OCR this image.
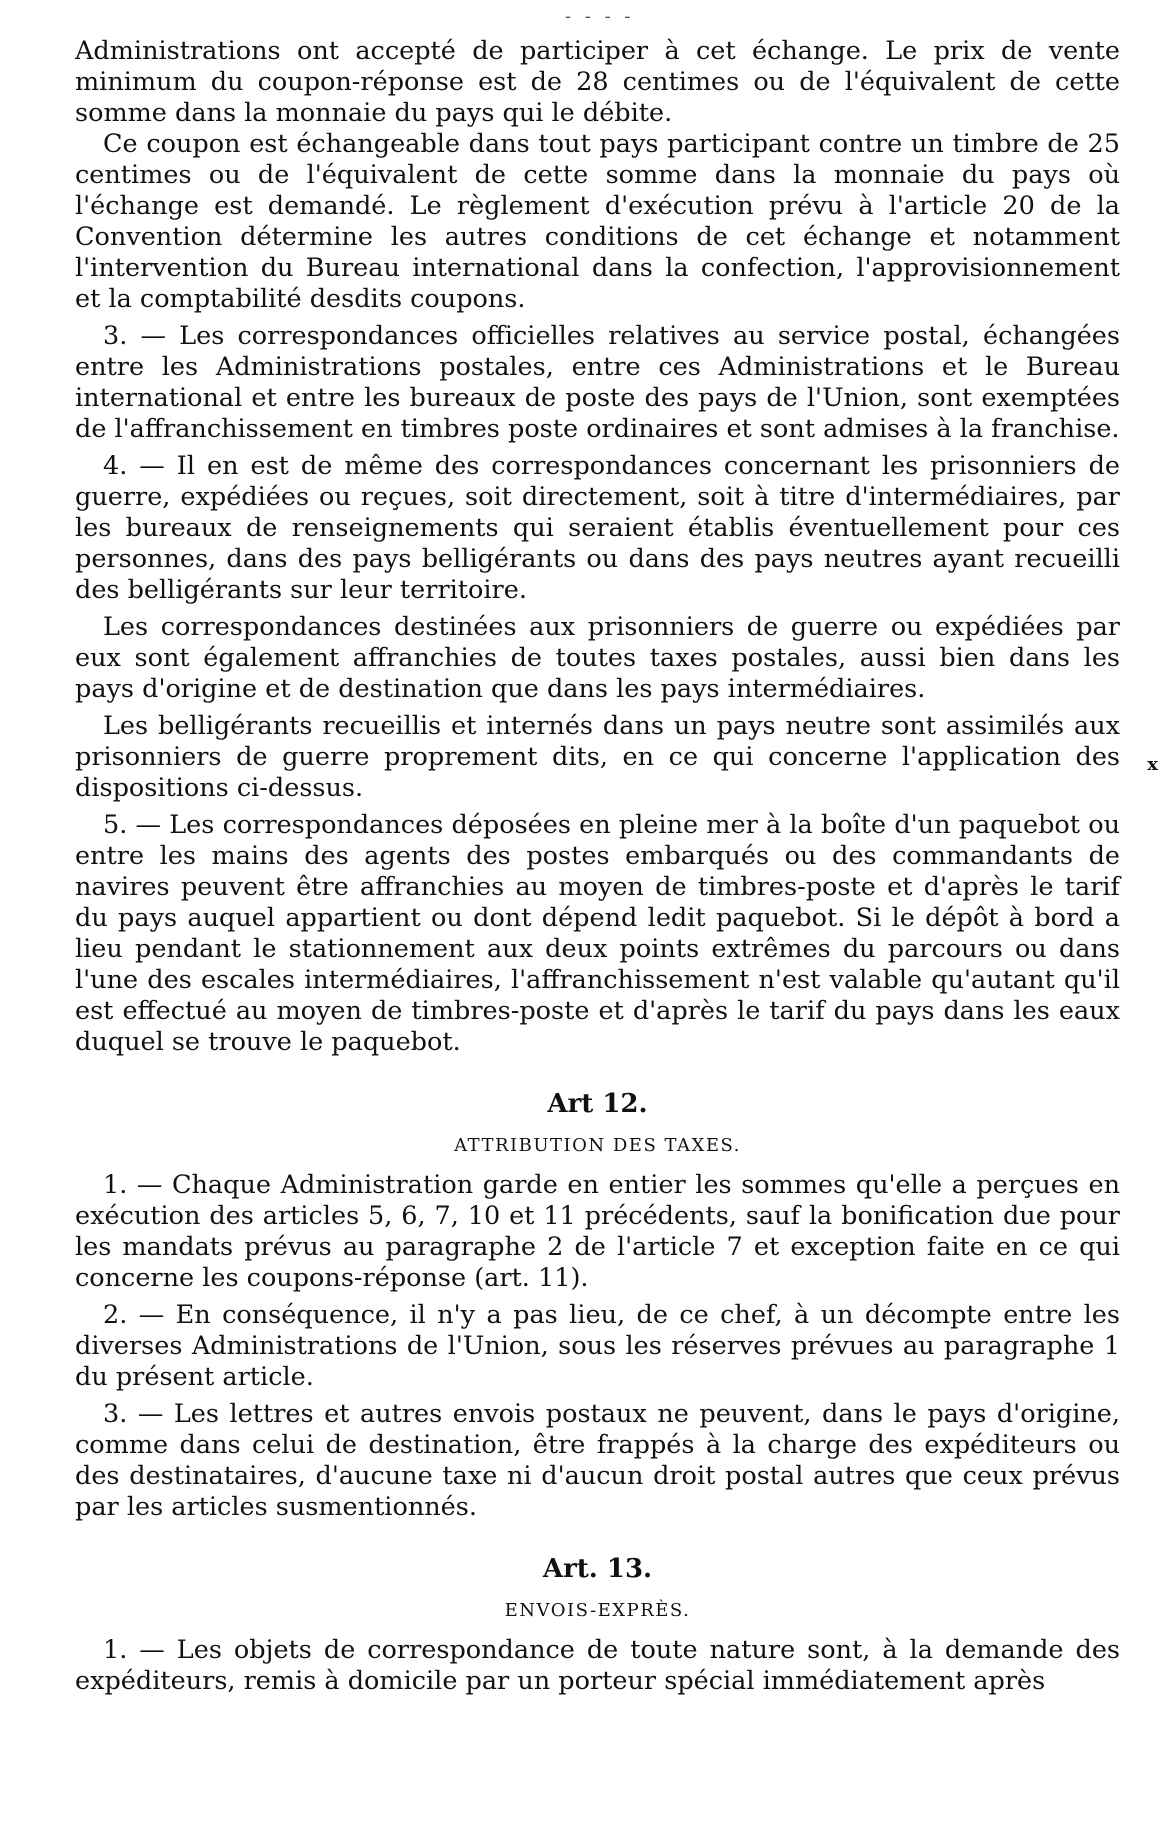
- - - -

Administrations ont accepté de participer à cet échange. Le prix de vente minimum du coupon-réponse est de 28 centimes ou de l'équivalent de cette somme dans la monnaie du pays qui le débite.

Ce coupon est échangeable dans tout pays participant contre un timbre de 25 centimes ou de l'équivalent de cette somme dans la monnaie du pays où l'échange est demandé. Le règlement d'exécution prévu à l'article 20 de la Convention détermine les autres conditions de cet échange et notamment l'intervention du Bureau international dans la confection, l'approvisionnement et la comptabilité desdits coupons.

3. — Les correspondances officielles relatives au service postal, échangées entre les Administrations postales, entre ces Administrations et le Bureau international et entre les bureaux de poste des pays de l'Union, sont exemptées de l'affranchissement en timbres poste ordinaires et sont admises à la franchise.

4. — Il en est de même des correspondances concernant les prisonniers de guerre, expédiées ou reçues, soit directement, soit à titre d'intermédiaires, par les bureaux de renseignements qui seraient établis éventuellement pour ces personnes, dans des pays belligérants ou dans des pays neutres ayant recueilli des belligérants sur leur territoire.

Les correspondances destinées aux prisonniers de guerre ou expédiées par eux sont également affranchies de toutes taxes postales, aussi bien dans les pays d'origine et de destination que dans les pays intermédiaires.

Les belligérants recueillis et internés dans un pays neutre sont assimilés aux prisonniers de guerre proprement dits, en ce qui concerne l'application des dispositions ci-dessus.

5. — Les correspondances déposées en pleine mer à la boîte d'un paquebot ou entre les mains des agents des postes embarqués ou des commandants de navires peuvent être affranchies au moyen de timbres-poste et d'après le tarif du pays auquel appartient ou dont dépend ledit paquebot. Si le dépôt à bord a lieu pendant le stationnement aux deux points extrêmes du parcours ou dans l'une des escales intermédiaires, l'affranchissement n'est valable qu'autant qu'il est effectué au moyen de timbres-poste et d'après le tarif du pays dans les eaux duquel se trouve le paquebot.

Art 12.
ATTRIBUTION DES TAXES.

1. — Chaque Administration garde en entier les sommes qu'elle a perçues en exécution des articles 5, 6, 7, 10 et 11 précédents, sauf la bonification due pour les mandats prévus au paragraphe 2 de l'article 7 et exception faite en ce qui concerne les coupons-réponse (art. 11).

2. — En conséquence, il n'y a pas lieu, de ce chef, à un décompte entre les diverses Administrations de l'Union, sous les réserves prévues au paragraphe 1 du présent article.

3. — Les lettres et autres envois postaux ne peuvent, dans le pays d'origine, comme dans celui de destination, être frappés à la charge des expéditeurs ou des destinataires, d'aucune taxe ni d'aucun droit postal autres que ceux prévus par les articles susmentionnés.

Art. 13.
ENVOIS-EXPRÈS.

1. — Les objets de correspondance de toute nature sont, à la demande des expéditeurs, remis à domicile par un porteur spécial immédiatement après

x
